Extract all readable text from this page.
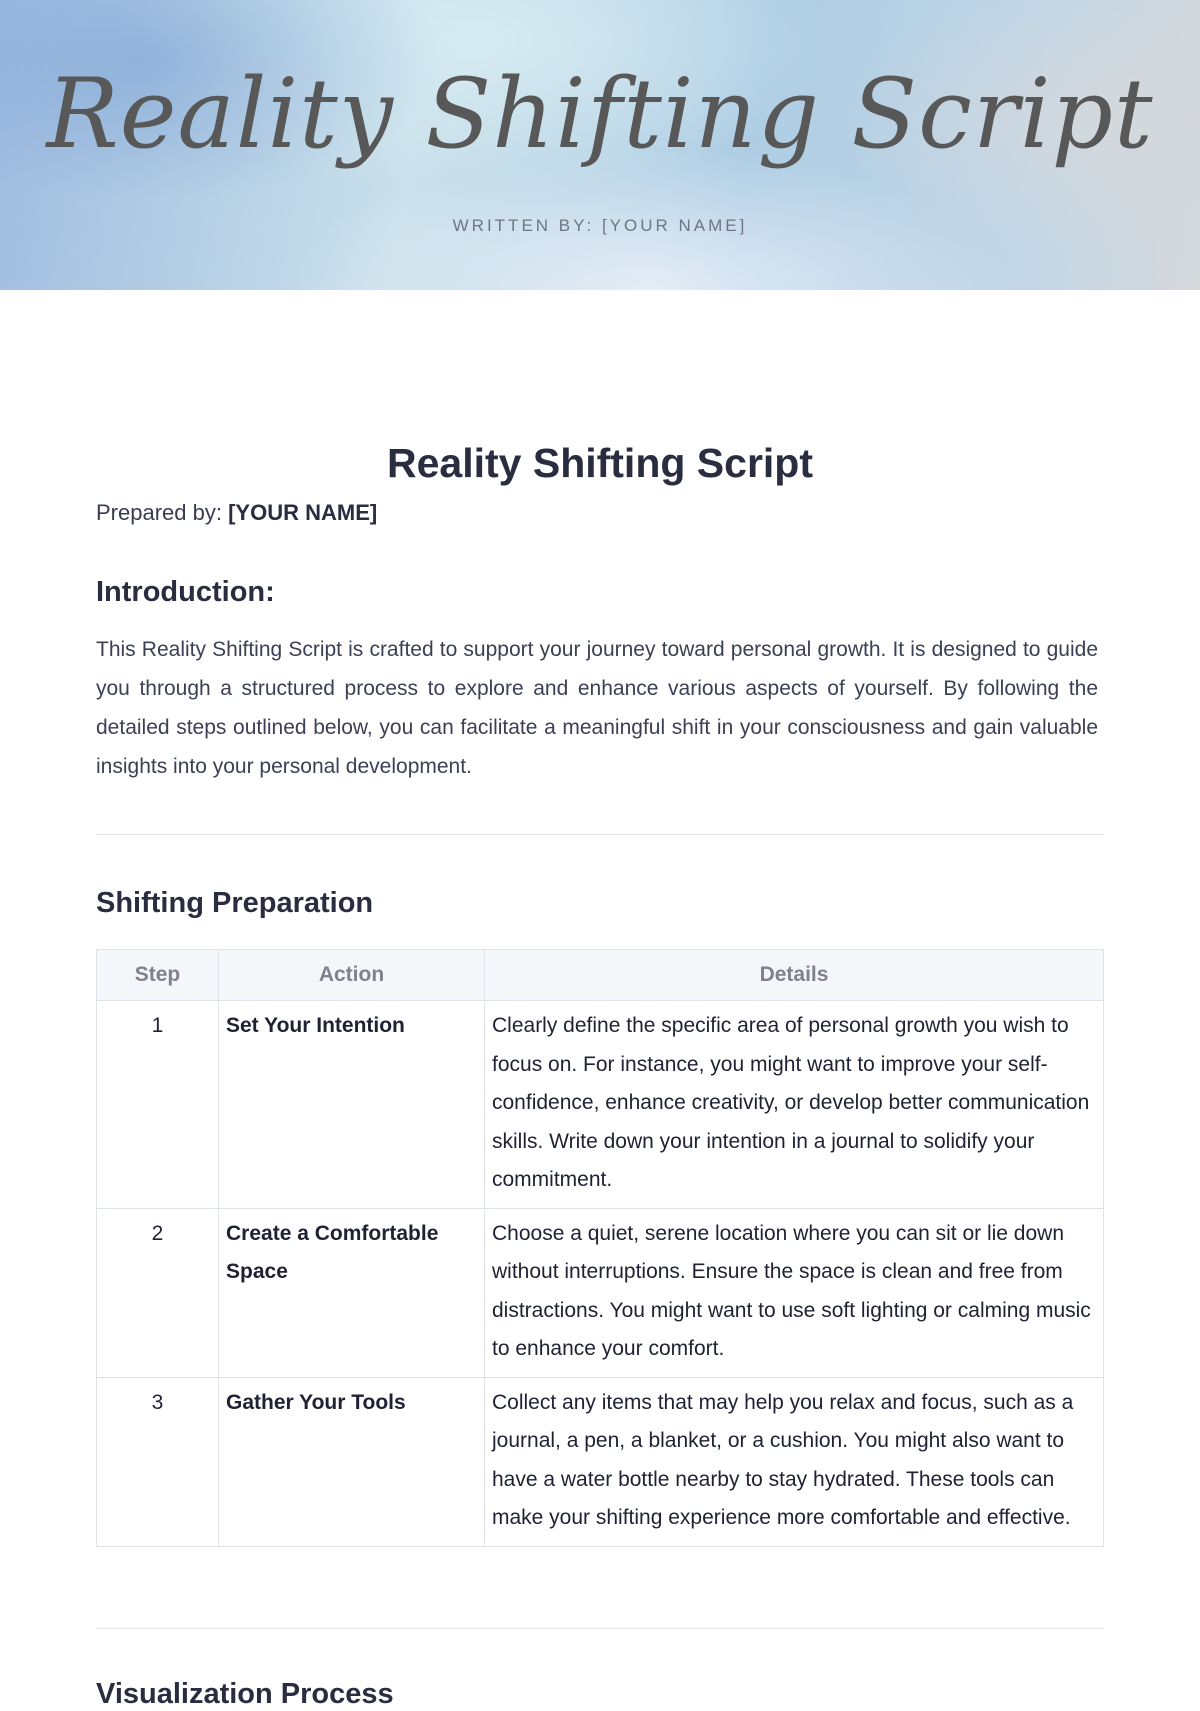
Reality Shifting Script
WRITTEN BY: [YOUR NAME]
Reality Shifting Script
Prepared by: [YOUR NAME]
Introduction:

This Reality Shifting Script is crafted to support your journey toward personal growth. It is designed to guide you through a structured process to explore and enhance various aspects of yourself. By following the detailed steps outlined below, you can facilitate a meaningful shift in your consciousness and gain valuable insights into your personal development.

Shifting Preparation
Step	Action	Details
1	Set Your Intention	Clearly define the specific area of personal growth you wish to focus on. For instance, you might want to improve your self-confidence, enhance creativity, or develop better communication skills. Write down your intention in a journal to solidify your commitment.
2	Create a Comfortable Space	Choose a quiet, serene location where you can sit or lie down without interruptions. Ensure the space is clean and free from distractions. You might want to use soft lighting or calming music to enhance your comfort.
3	Gather Your Tools	Collect any items that may help you relax and focus, such as a journal, a pen, a blanket, or a cushion. You might also want to have a water bottle nearby to stay hydrated. These tools can make your shifting experience more comfortable and effective.
Visualization Process
